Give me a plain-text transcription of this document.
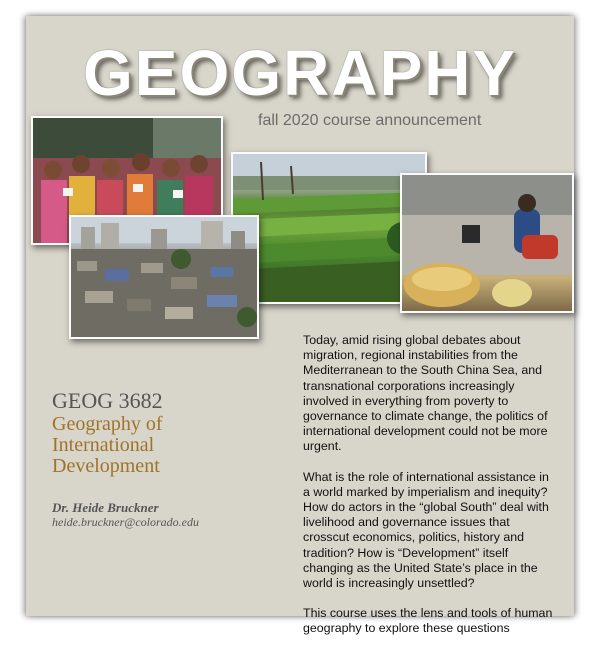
GEOGRAPHY

fall 2020 course announcement

GEOG 3682

Geography of International Development

Dr. Heide Bruckner

heide.bruckner@colorado.edu

Today, amid rising global debates about migration, regional instabilities from the Mediterranean to the South China Sea, and transnational corporations increasingly involved in everything from poverty to governance to climate change, the politics of international development could not be more urgent.

What is the role of international assistance in a world marked by imperialism and inequity? How do actors in the “global South” deal with livelihood and governance issues that crosscut economics, politics, history and tradition? How is “Development” itself changing as the United State’s place in the world is increasingly unsettled?

This course uses the lens and tools of human geography to explore these questions
